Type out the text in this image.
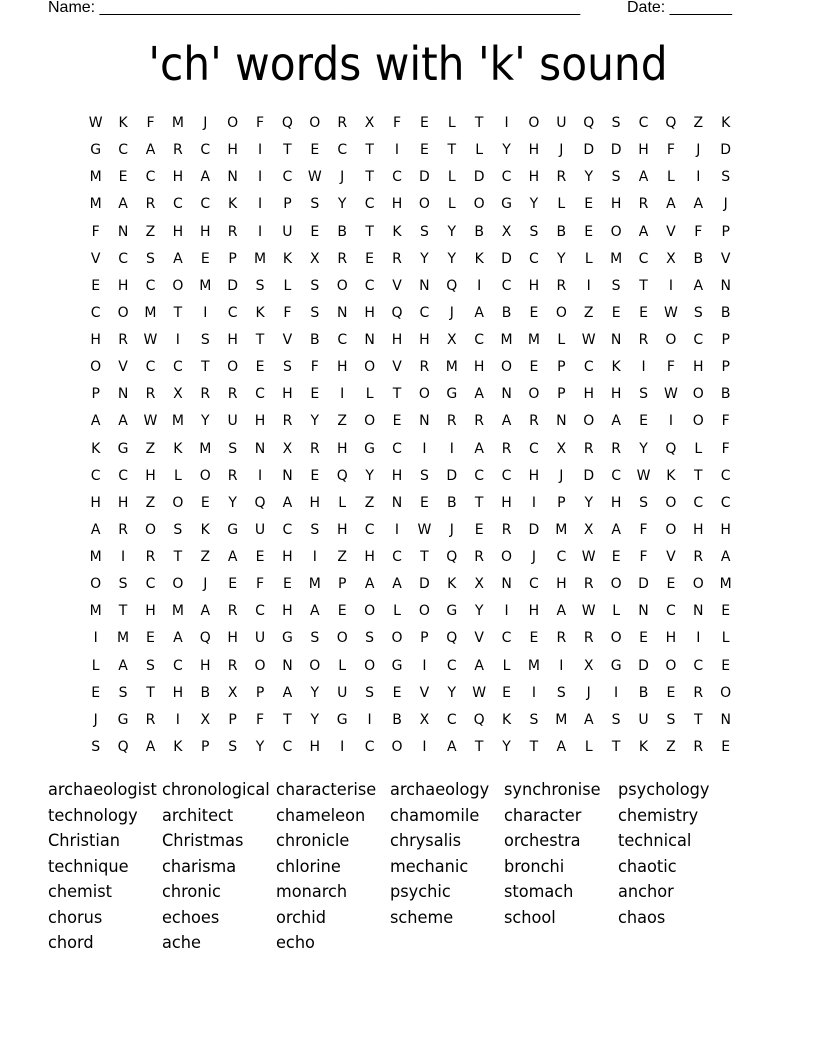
Name: ______________________________________________________	Date: _______
'ch' words with 'k' sound
W	K	F	M	J	O	F	Q	O	R	X	F	E	L	T	I	O	U	Q	S	C	Q	Z	K
G	C	A	R	C	H	I	T	E	C	T	I	E	T	L	Y	H	J	D	D	H	F	J	D
M	E	C	H	A	N	I	C	W	J	T	C	D	L	D	C	H	R	Y	S	A	L	I	S
M	A	R	C	C	K	I	P	S	Y	C	H	O	L	O	G	Y	L	E	H	R	A	A	J
F	N	Z	H	H	R	I	U	E	B	T	K	S	Y	B	X	S	B	E	O	A	V	F	P
V	C	S	A	E	P	M	K	X	R	E	R	Y	Y	K	D	C	Y	L	M	C	X	B	V
E	H	C	O	M	D	S	L	S	O	C	V	N	Q	I	C	H	R	I	S	T	I	A	N
C	O	M	T	I	C	K	F	S	N	H	Q	C	J	A	B	E	O	Z	E	E	W	S	B
H	R	W	I	S	H	T	V	B	C	N	H	H	X	C	M	M	L	W	N	R	O	C	P
O	V	C	C	T	O	E	S	F	H	O	V	R	M	H	O	E	P	C	K	I	F	H	P
P	N	R	X	R	R	C	H	E	I	L	T	O	G	A	N	O	P	H	H	S	W	O	B
A	A	W	M	Y	U	H	R	Y	Z	O	E	N	R	R	A	R	N	O	A	E	I	O	F
K	G	Z	K	M	S	N	X	R	H	G	C	I	I	A	R	C	X	R	R	Y	Q	L	F
C	C	H	L	O	R	I	N	E	Q	Y	H	S	D	C	C	H	J	D	C	W	K	T	C
H	H	Z	O	E	Y	Q	A	H	L	Z	N	E	B	T	H	I	P	Y	H	S	O	C	C
A	R	O	S	K	G	U	C	S	H	C	I	W	J	E	R	D	M	X	A	F	O	H	H
M	I	R	T	Z	A	E	H	I	Z	H	C	T	Q	R	O	J	C	W	E	F	V	R	A
O	S	C	O	J	E	F	E	M	P	A	A	D	K	X	N	C	H	R	O	D	E	O	M
M	T	H	M	A	R	C	H	A	E	O	L	O	G	Y	I	H	A	W	L	N	C	N	E
I	M	E	A	Q	H	U	G	S	O	S	O	P	Q	V	C	E	R	R	O	E	H	I	L
L	A	S	C	H	R	O	N	O	L	O	G	I	C	A	L	M	I	X	G	D	O	C	E
E	S	T	H	B	X	P	A	Y	U	S	E	V	Y	W	E	I	S	J	I	B	E	R	O
J	G	R	I	X	P	F	T	Y	G	I	B	X	C	Q	K	S	M	A	S	U	S	T	N
S	Q	A	K	P	S	Y	C	H	I	C	O	I	A	T	Y	T	A	L	T	K	Z	R	E
archaeologist chronological characterise archaeology synchronise	psychology
technology	architect	chameleon	chamomile	character	chemistry
Christian	Christmas	chronicle	chrysalis	orchestra	technical
technique	charisma	chlorine	mechanic	bronchi	chaotic
chemist	chronic	monarch	psychic	stomach	anchor
chorus	echoes	orchid	scheme	school	chaos
chord	ache	echo
